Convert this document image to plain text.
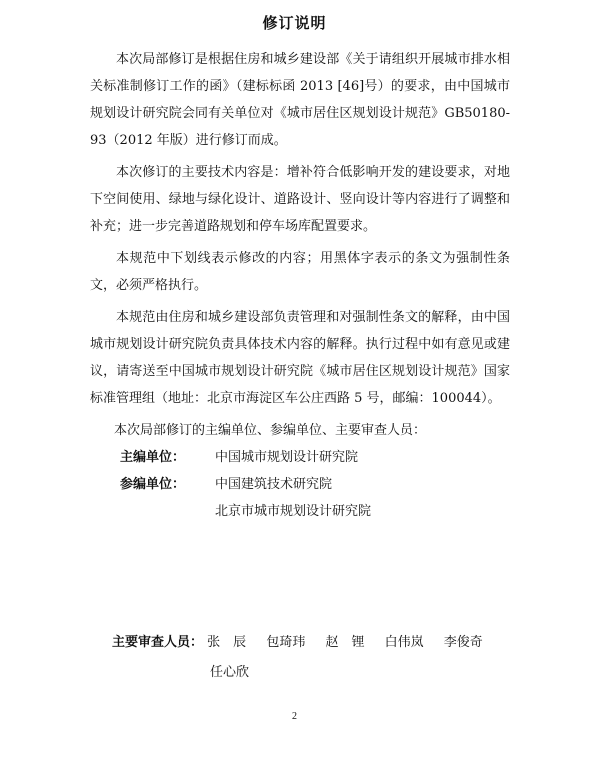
修订说明

本次局部修订是根据住房和城乡建设部《关于请组织开展城市排水相关标准制修订工作的函》（建标标函 2013 [46]号）的要求，由中国城市规划设计研究院会同有关单位对《城市居住区规划设计规范》GB50180-93（2012 年版）进行修订而成。

本次修订的主要技术内容是：增补符合低影响开发的建设要求，对地下空间使用、绿地与绿化设计、道路设计、竖向设计等内容进行了调整和补充；进一步完善道路规划和停车场库配置要求。

本规范中下划线表示修改的内容；用黑体字表示的条文为强制性条文，必须严格执行。

本规范由住房和城乡建设部负责管理和对强制性条文的解释，由中国城市规划设计研究院负责具体技术内容的解释。执行过程中如有意见或建议，请寄送至中国城市规划设计研究院《城市居住区规划设计规范》国家标准管理组（地址：北京市海淀区车公庄西路 5 号，邮编：100044）。

本次局部修订的主编单位、参编单位、主要审查人员：
主编单位：	中国城市规划设计研究院
参编单位：	中国建筑技术研究院
北京市城市规划设计研究院
主要审查人员： 张　辰 包琦玮 赵　锂 白伟岚 李俊奇
任心欣
2
